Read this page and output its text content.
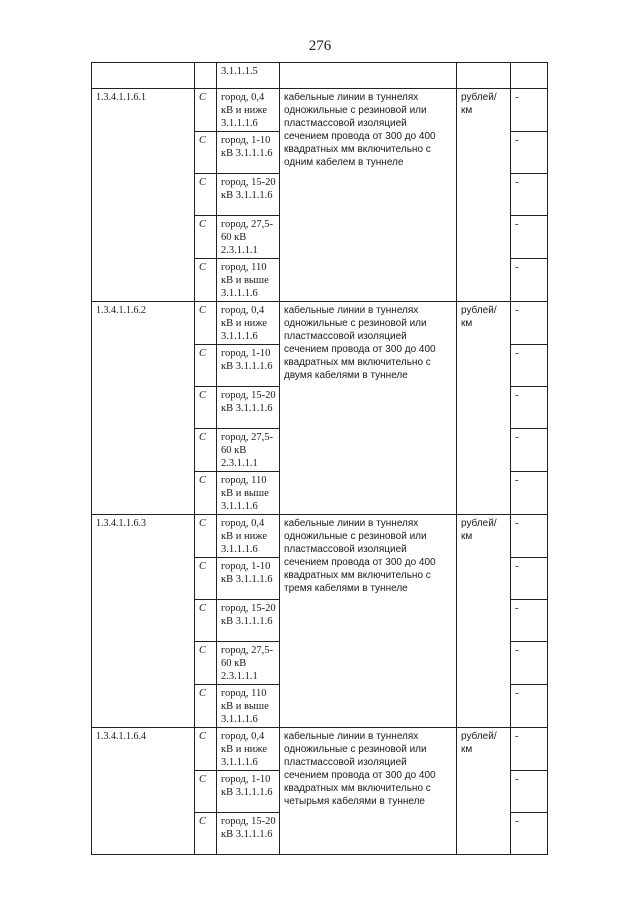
276
		3.1.1.1.5			
1.3.4.1.1.6.1	С	город, 0,4 кВ и ниже 3.1.1.1.6	кабельные линии в туннелях одножильные с резиновой или пластмассовой изоляцией сечением провода от 300 до 400 квадратных мм включительно с одним кабелем в туннеле	рублей/ км	-
	С	город, 1-10 кВ 3.1.1.1.6			-
	С	город, 15-20 кВ 3.1.1.1.6			-
	С	город, 27,5-60 кВ 2.3.1.1.1			-
	С	город, 110 кВ и выше 3.1.1.1.6			-
1.3.4.1.1.6.2	С	город, 0,4 кВ и ниже 3.1.1.1.6	кабельные линии в туннелях одножильные с резиновой или пластмассовой изоляцией сечением провода от 300 до 400 квадратных мм включительно с двумя кабелями в туннеле	рублей/ км	-
	С	город, 1-10 кВ 3.1.1.1.6			-
	С	город, 15-20 кВ 3.1.1.1.6			-
	С	город, 27,5-60 кВ 2.3.1.1.1			-
	С	город, 110 кВ и выше 3.1.1.1.6			-
1.3.4.1.1.6.3	С	город, 0,4 кВ и ниже 3.1.1.1.6	кабельные линии в туннелях одножильные с резиновой или пластмассовой изоляцией сечением провода от 300 до 400 квадратных мм включительно с тремя кабелями в туннеле	рублей/ км	-
	С	город, 1-10 кВ 3.1.1.1.6			-
	С	город, 15-20 кВ 3.1.1.1.6			-
	С	город, 27,5-60 кВ 2.3.1.1.1			-
	С	город, 110 кВ и выше 3.1.1.1.6			-
1.3.4.1.1.6.4	С	город, 0,4 кВ и ниже 3.1.1.1.6	кабельные линии в туннелях одножильные с резиновой или пластмассовой изоляцией сечением провода от 300 до 400 квадратных мм включительно с четырьмя кабелями в туннеле	рублей/ км	-
	С	город, 1-10 кВ 3.1.1.1.6			-
	С	город, 15-20 кВ 3.1.1.1.6			-
